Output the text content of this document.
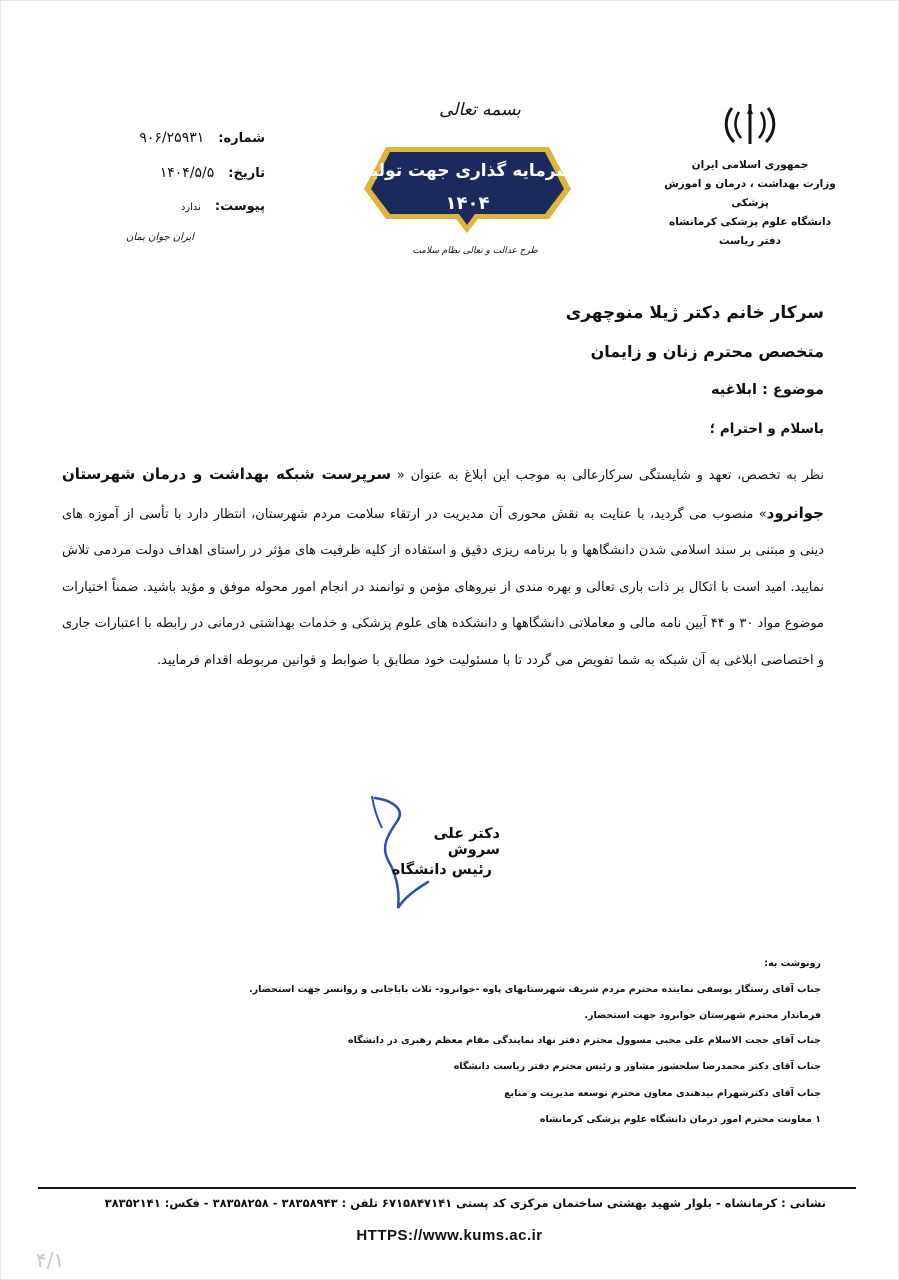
بسمه تعالی
جمهوری اسلامی ایران
وزارت بهداشت ، درمان و اموزش پزشکی
دانشگاه علوم پزشکی کرمانشاه
دفتر ریاست
سرمایه گذاری جهت تولید
۱۴۰۴
طرح عدالت و تعالی نظام سلامت
شماره:۹۰۶/۲۵۹۳۱
تاریخ:۱۴۰۴/۵/۵
پیوست:ندارد
ایران جوان بمان
سرکار خانم دکتر ژیلا منوچهری
متخصص محترم زنان و زایمان
موضوع : ابلاغیه
باسلام و احترام ؛
نظر به تخصص، تعهد و شایستگی سرکارعالی به موجب این ابلاغ به عنوان « سرپرست شبکه بهداشت و درمان شهرستان جوانرود» منصوب می گردید، با عنایت به نقش محوری آن مدیریت در ارتقاء سلامت مردم شهرستان، انتظار دارد با تأسی از آموزه های دینی و مبتنی بر سند اسلامی شدن دانشگاهها و با برنامه ریزی دقیق و استفاده از کلیه ظرفیت های مؤثر در راستای اهداف دولت مردمی تلاش نمایید. امید است با اتکال بر ذات باری تعالی و بهره مندی از نیروهای مؤمن و توانمند در انجام امور محوله موفق و مؤید باشید. ضمناً اختیارات موضوع مواد ۳۰ و ۴۴ آیین نامه مالی و معاملاتی دانشگاهها و دانشکده های علوم پزشکی و خدمات بهداشتی درمانی در رابطه با اعتبارات جاری و اختصاصی ابلاغی به آن شبکه به شما تفویض می گردد تا با مسئولیت خود مطابق با ضوابط و قوانین مربوطه اقدام فرمایید.
دکتر علی سروش
رئیس دانشگاه
رونوشت به:
جناب آقای رستگار یوسفی نماینده محترم مردم شریف شهرستانهای پاوه -جوانرود- ثلاث باباجانی و روانسر جهت استحضار.
فرماندار محترم شهرستان جوانرود جهت استحضار.
جناب آقای حجت الاسلام علی محبی مسوول محترم دفتر نهاد نمایندگی مقام معظم رهبری در دانشگاه
جناب آقای دکتر محمدرضا سلحشور مشاور و رئیس محترم دفتر ریاست دانشگاه
جناب آقای دکترشهرام بیدهندی معاون محترم توسعه مدیریت و منابع
۱ معاونت محترم امور درمان دانشگاه علوم پزشکی کرمانشاه
نشانی : کرمانشاه - بلوار شهید بهشتی ساختمان مرکزی کد پستی ۶۷۱۵۸۴۷۱۴۱ تلفن : ۳۸۳۵۸۹۴۳ - ۳۸۳۵۸۲۵۸ - فکس: ۳۸۳۵۲۱۴۱
HTTPS://www.kums.ac.ir
۴/۱
